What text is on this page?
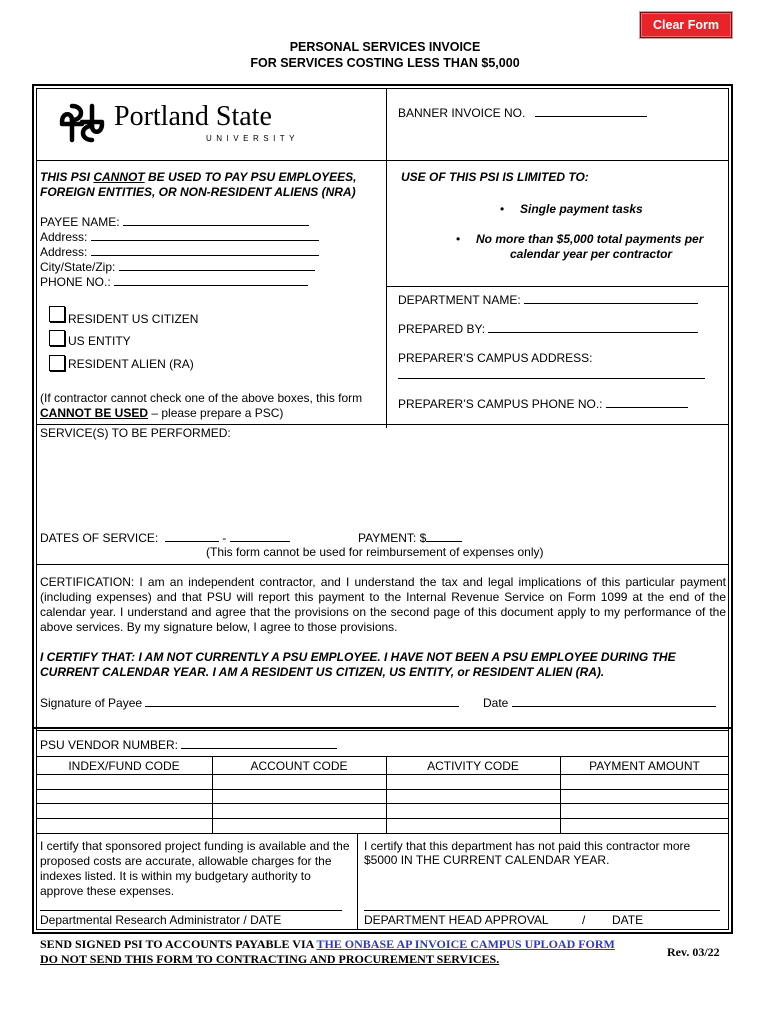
Clear Form
PERSONAL SERVICES INVOICE
FOR SERVICES COSTING LESS THAN $5,000
Portland State
UNIVERSITY
BANNER INVOICE NO.
THIS PSI CANNOT BE USED TO PAY PSU EMPLOYEES,
FOREIGN ENTITIES, OR NON-RESIDENT ALIENS (NRA)
USE OF THIS PSI IS LIMITED TO:
• Single payment tasks
• No more than $5,000 total payments per
calendar year per contractor
PAYEE NAME:
Address:
Address:
City/State/Zip:
PHONE NO.:
DEPARTMENT NAME:
PREPARED BY:
PREPARER’S CAMPUS ADDRESS:
PREPARER’S CAMPUS PHONE NO.:
RESIDENT US CITIZEN
US ENTITY
RESIDENT ALIEN (RA)
(If contractor cannot check one of the above boxes, this form
CANNOT BE USED – please prepare a PSC)
SERVICE(S) TO BE PERFORMED:
DATES OF SERVICE:	-	PAYMENT: $
(This form cannot be used for reimbursement of expenses only)
CERTIFICATION: I am an independent contractor, and I understand the tax and legal implications of this particular payment (including expenses) and that PSU will report this payment to the Internal Revenue Service on Form 1099 at the end of the calendar year. I understand and agree that the provisions on the second page of this document apply to my performance of the above services. By my signature below, I agree to those provisions.
I CERTIFY THAT: I AM NOT CURRENTLY A PSU EMPLOYEE. I HAVE NOT BEEN A PSU EMPLOYEE DURING THE
CURRENT CALENDAR YEAR. I AM A RESIDENT US CITIZEN, US ENTITY, or RESIDENT ALIEN (RA).
Signature of Payee	Date
PSU VENDOR NUMBER:
INDEX/FUND CODE	ACCOUNT CODE	ACTIVITY CODE	PAYMENT AMOUNT
I certify that sponsored project funding is available and the proposed costs are accurate, allowable charges for the indexes listed. It is within my budgetary authority to approve these expenses.
I certify that this department has not paid this contractor more
$5000 IN THE CURRENT CALENDAR YEAR.
Departmental Research Administrator / DATE	DEPARTMENT HEAD APPROVAL	/ DATE
SEND SIGNED PSI TO ACCOUNTS PAYABLE VIA THE ONBASE AP INVOICE CAMPUS UPLOAD FORM
DO NOT SEND THIS FORM TO CONTRACTING AND PROCUREMENT SERVICES.	Rev. 03/22
